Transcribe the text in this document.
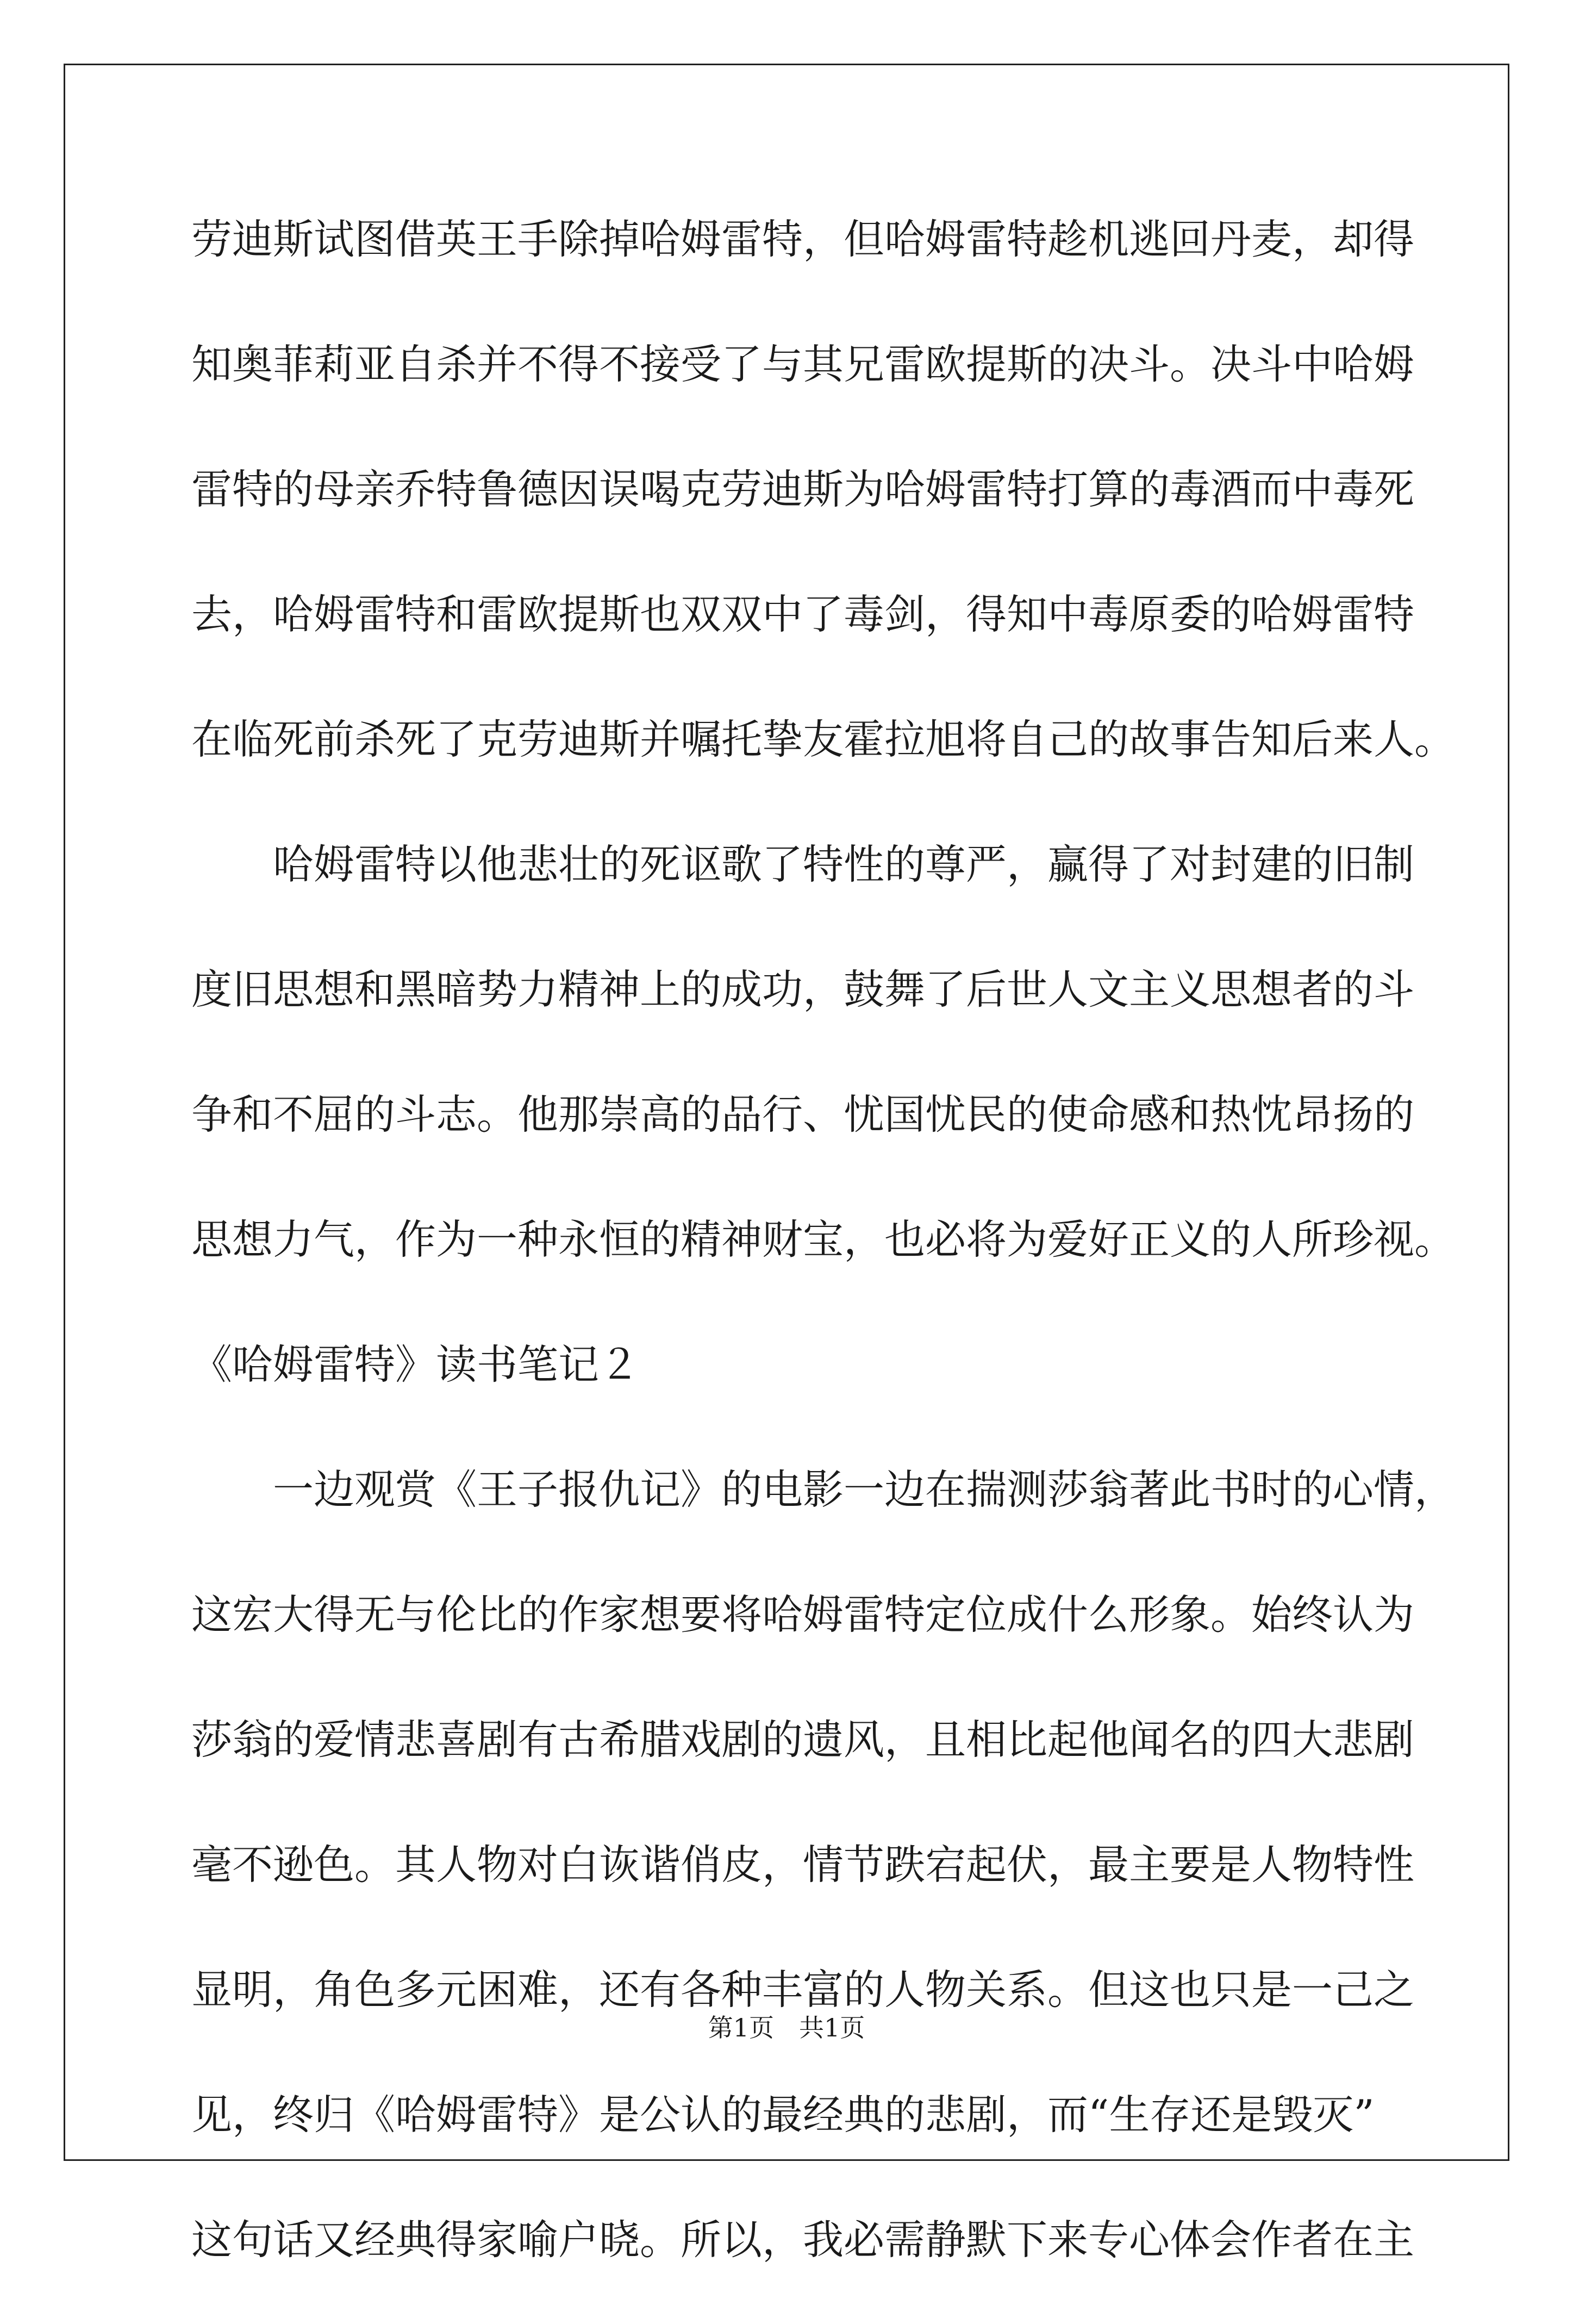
劳迪斯试图借英王手除掉哈姆雷特，但哈姆雷特趁机逃回丹麦，却得
知奥菲莉亚自杀并不得不接受了与其兄雷欧提斯的决斗。决斗中哈姆
雷特的母亲乔特鲁德因误喝克劳迪斯为哈姆雷特打算的毒酒而中毒死
去，哈姆雷特和雷欧提斯也双双中了毒剑，得知中毒原委的哈姆雷特
在临死前杀死了克劳迪斯并嘱托挚友霍拉旭将自己的故事告知后来人。
　　哈姆雷特以他悲壮的死讴歌了特性的尊严，赢得了对封建的旧制
度旧思想和黑暗势力精神上的成功，鼓舞了后世人文主义思想者的斗
争和不屈的斗志。他那崇高的品行、忧国忧民的使命感和热忱昂扬的
思想力气，作为一种永恒的精神财宝，也必将为爱好正义的人所珍视。
《哈姆雷特》读书笔记２
　　一边观赏《王子报仇记》的电影一边在揣测莎翁著此书时的心情，
这宏大得无与伦比的作家想要将哈姆雷特定位成什么形象。始终认为
莎翁的爱情悲喜剧有古希腊戏剧的遗风，且相比起他闻名的四大悲剧
毫不逊色。其人物对白诙谐俏皮，情节跌宕起伏，最主要是人物特性
显明，角色多元困难，还有各种丰富的人物关系。但这也只是一己之
见，终归《哈姆雷特》是公认的最经典的悲剧，而“生存还是毁灭”
这句话又经典得家喻户晓。所以，我必需静默下来专心体会作者在主
第1页　共1页
